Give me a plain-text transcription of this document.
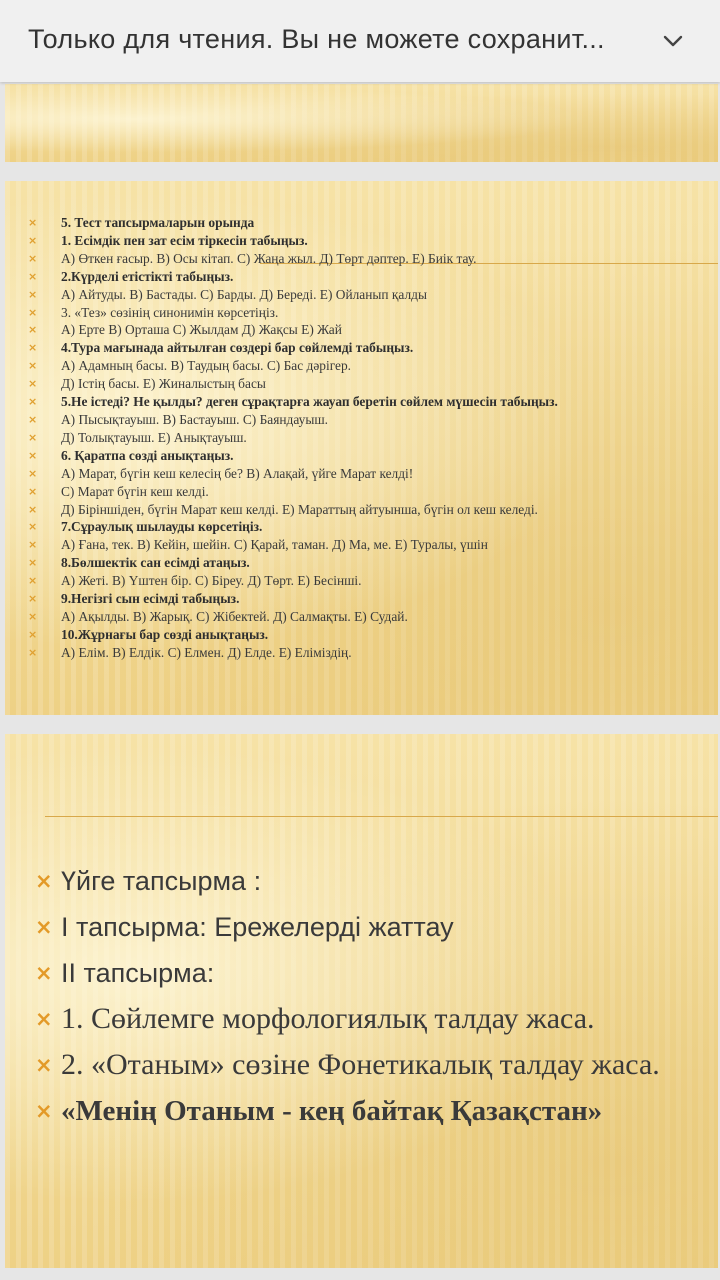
Только для чтения. Вы не можете сохранит...
× 5. Тест тапсырмаларын орында
× 1. Есімдік пен зат есім тіркесін табыңыз.
× А) Өткен ғасыр. В) Осы кітап. С) Жаңа жыл. Д) Төрт дәптер. Е) Биік тау.
× 2.Күрделі етістікті табыңыз.
× А) Айтуды. В) Бастады. С) Барды. Д) Береді. Е) Ойланып қалды
× 3. «Тез» сөзінің синонимін көрсетіңіз.
× А) Ерте В) Орташа С) Жылдам Д) Жақсы Е) Жай
× 4.Тура мағынада айтылған сөздері бар сөйлемді табыңыз.
× А) Адамның басы. В) Таудың басы. С) Бас дәрігер.
× Д) Істің басы. Е) Жиналыстың басы
× 5.Не істеді? Не қылды? деген сұрақтарға жауап беретін сөйлем мүшесін табыңыз.
× А) Пысықтауыш. В) Бастауыш. С) Баяндауыш.
× Д) Толықтауыш. Е) Анықтауыш.
× 6. Қаратпа сөзді анықтаңыз.
× А) Марат, бүгін кеш келесің бе? В) Алақай, үйге Марат келді!
× С) Марат бүгін кеш келді.
× Д) Біріншіден, бүгін Марат кеш келді. Е) Мараттың айтуынша, бүгін ол кеш келеді.
× 7.Сұраулық шылауды көрсетіңіз.
× А) Ғана, тек. В) Кейін, шейін. С) Қарай, таман. Д) Ма, ме. Е) Туралы, үшін
× 8.Бөлшектік сан есімді атаңыз.
× А) Жеті. В) Үштен бір. С) Біреу. Д) Төрт. Е) Бесінші.
× 9.Негізгі сын есімді табыңыз.
× А) Ақылды. В) Жарық. С) Жібектей. Д) Салмақты. Е) Судай.
× 10.Жұрнағы бар сөзді анықтаңыз.
× А) Елім. В) Елдік. С) Елмен. Д) Елде. Е) Еліміздің.
× Үйге тапсырма :
× I тапсырма: Ережелерді жаттау
× II тапсырма:
× 1. Сөйлемге морфологиялық талдау жаса.
× 2. «Отаным» сөзіне Фонетикалық талдау жаса.
× «Менің Отаным - кең байтақ Қазақстан»
